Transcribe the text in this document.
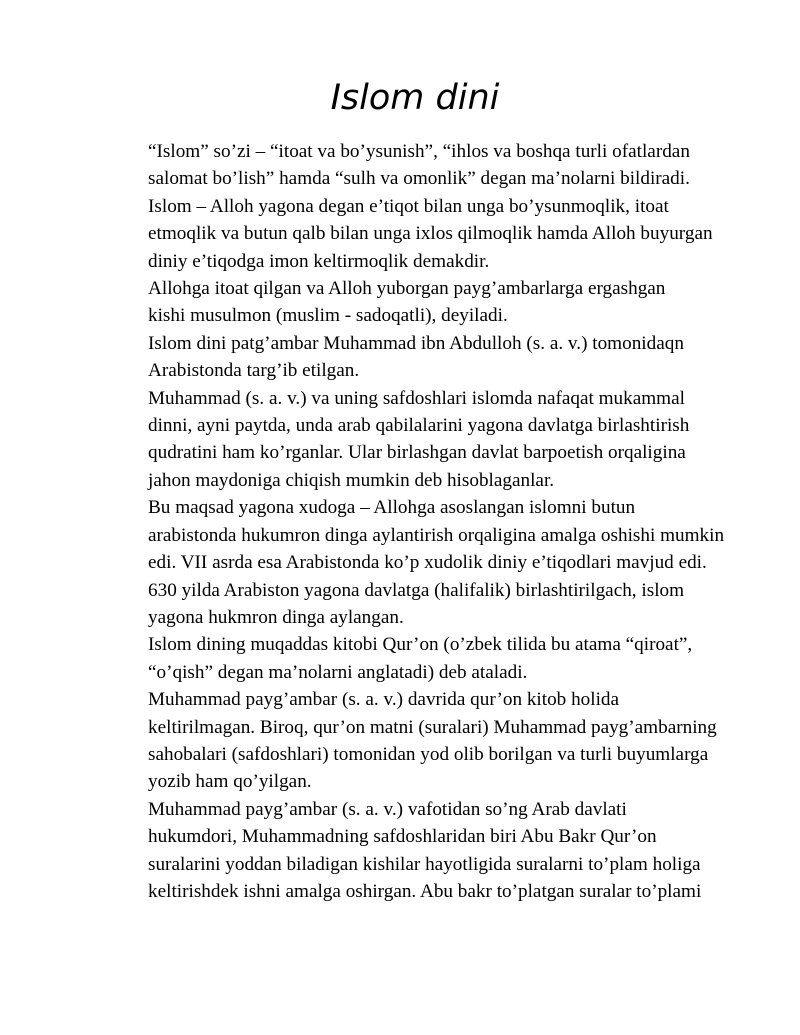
Islom dini

“Islom” so’zi – “itoat va bo’ysunish”, “ihlos va boshqa turli ofatlardan
salomat bo’lish” hamda “sulh va omonlik” degan ma’nolarni bildiradi.
Islom – Alloh yagona degan e’tiqot bilan unga bo’ysunmoqlik, itoat
etmoqlik va butun qalb bilan unga ixlos qilmoqlik hamda Alloh buyurgan
diniy e’tiqodga imon keltirmoqlik demakdir.

Allohga itoat qilgan va Alloh yuborgan payg’ambarlarga ergashgan
kishi musulmon (muslim - sadoqatli), deyiladi.

Islom dini patg’ambar Muhammad ibn Abdulloh (s. a. v.) tomonidaqn
Arabistonda targ’ib etilgan.

Muhammad (s. a. v.) va uning safdoshlari islomda nafaqat mukammal
dinni, ayni paytda, unda arab qabilalarini yagona davlatga birlashtirish
qudratini ham ko’rganlar. Ular birlashgan davlat barpoetish orqaligina
jahon maydoniga chiqish mumkin deb hisoblaganlar.

Bu maqsad yagona xudoga – Allohga asoslangan islomni butun
arabistonda hukumron dinga aylantirish orqaligina amalga oshishi mumkin
edi. VII asrda esa Arabistonda ko’p xudolik diniy e’tiqodlari mavjud edi.

630 yilda Arabiston yagona davlatga (halifalik) birlashtirilgach, islom
yagona hukmron dinga aylangan.

Islom dining muqaddas kitobi Qur’on (o’zbek tilida bu atama “qiroat”,
“o’qish” degan ma’nolarni anglatadi) deb ataladi.

Muhammad payg’ambar (s. a. v.) davrida qur’on kitob holida
keltirilmagan. Biroq, qur’on matni (suralari) Muhammad payg’ambarning
sahobalari (safdoshlari) tomonidan yod olib borilgan va turli buyumlarga
yozib ham qo’yilgan.

Muhammad payg’ambar (s. a. v.) vafotidan so’ng Arab davlati
hukumdori, Muhammadning safdoshlaridan biri Abu Bakr Qur’on
suralarini yoddan biladigan kishilar hayotligida suralarni to’plam holiga
keltirishdek ishni amalga oshirgan. Abu bakr to’platgan suralar to’plami
